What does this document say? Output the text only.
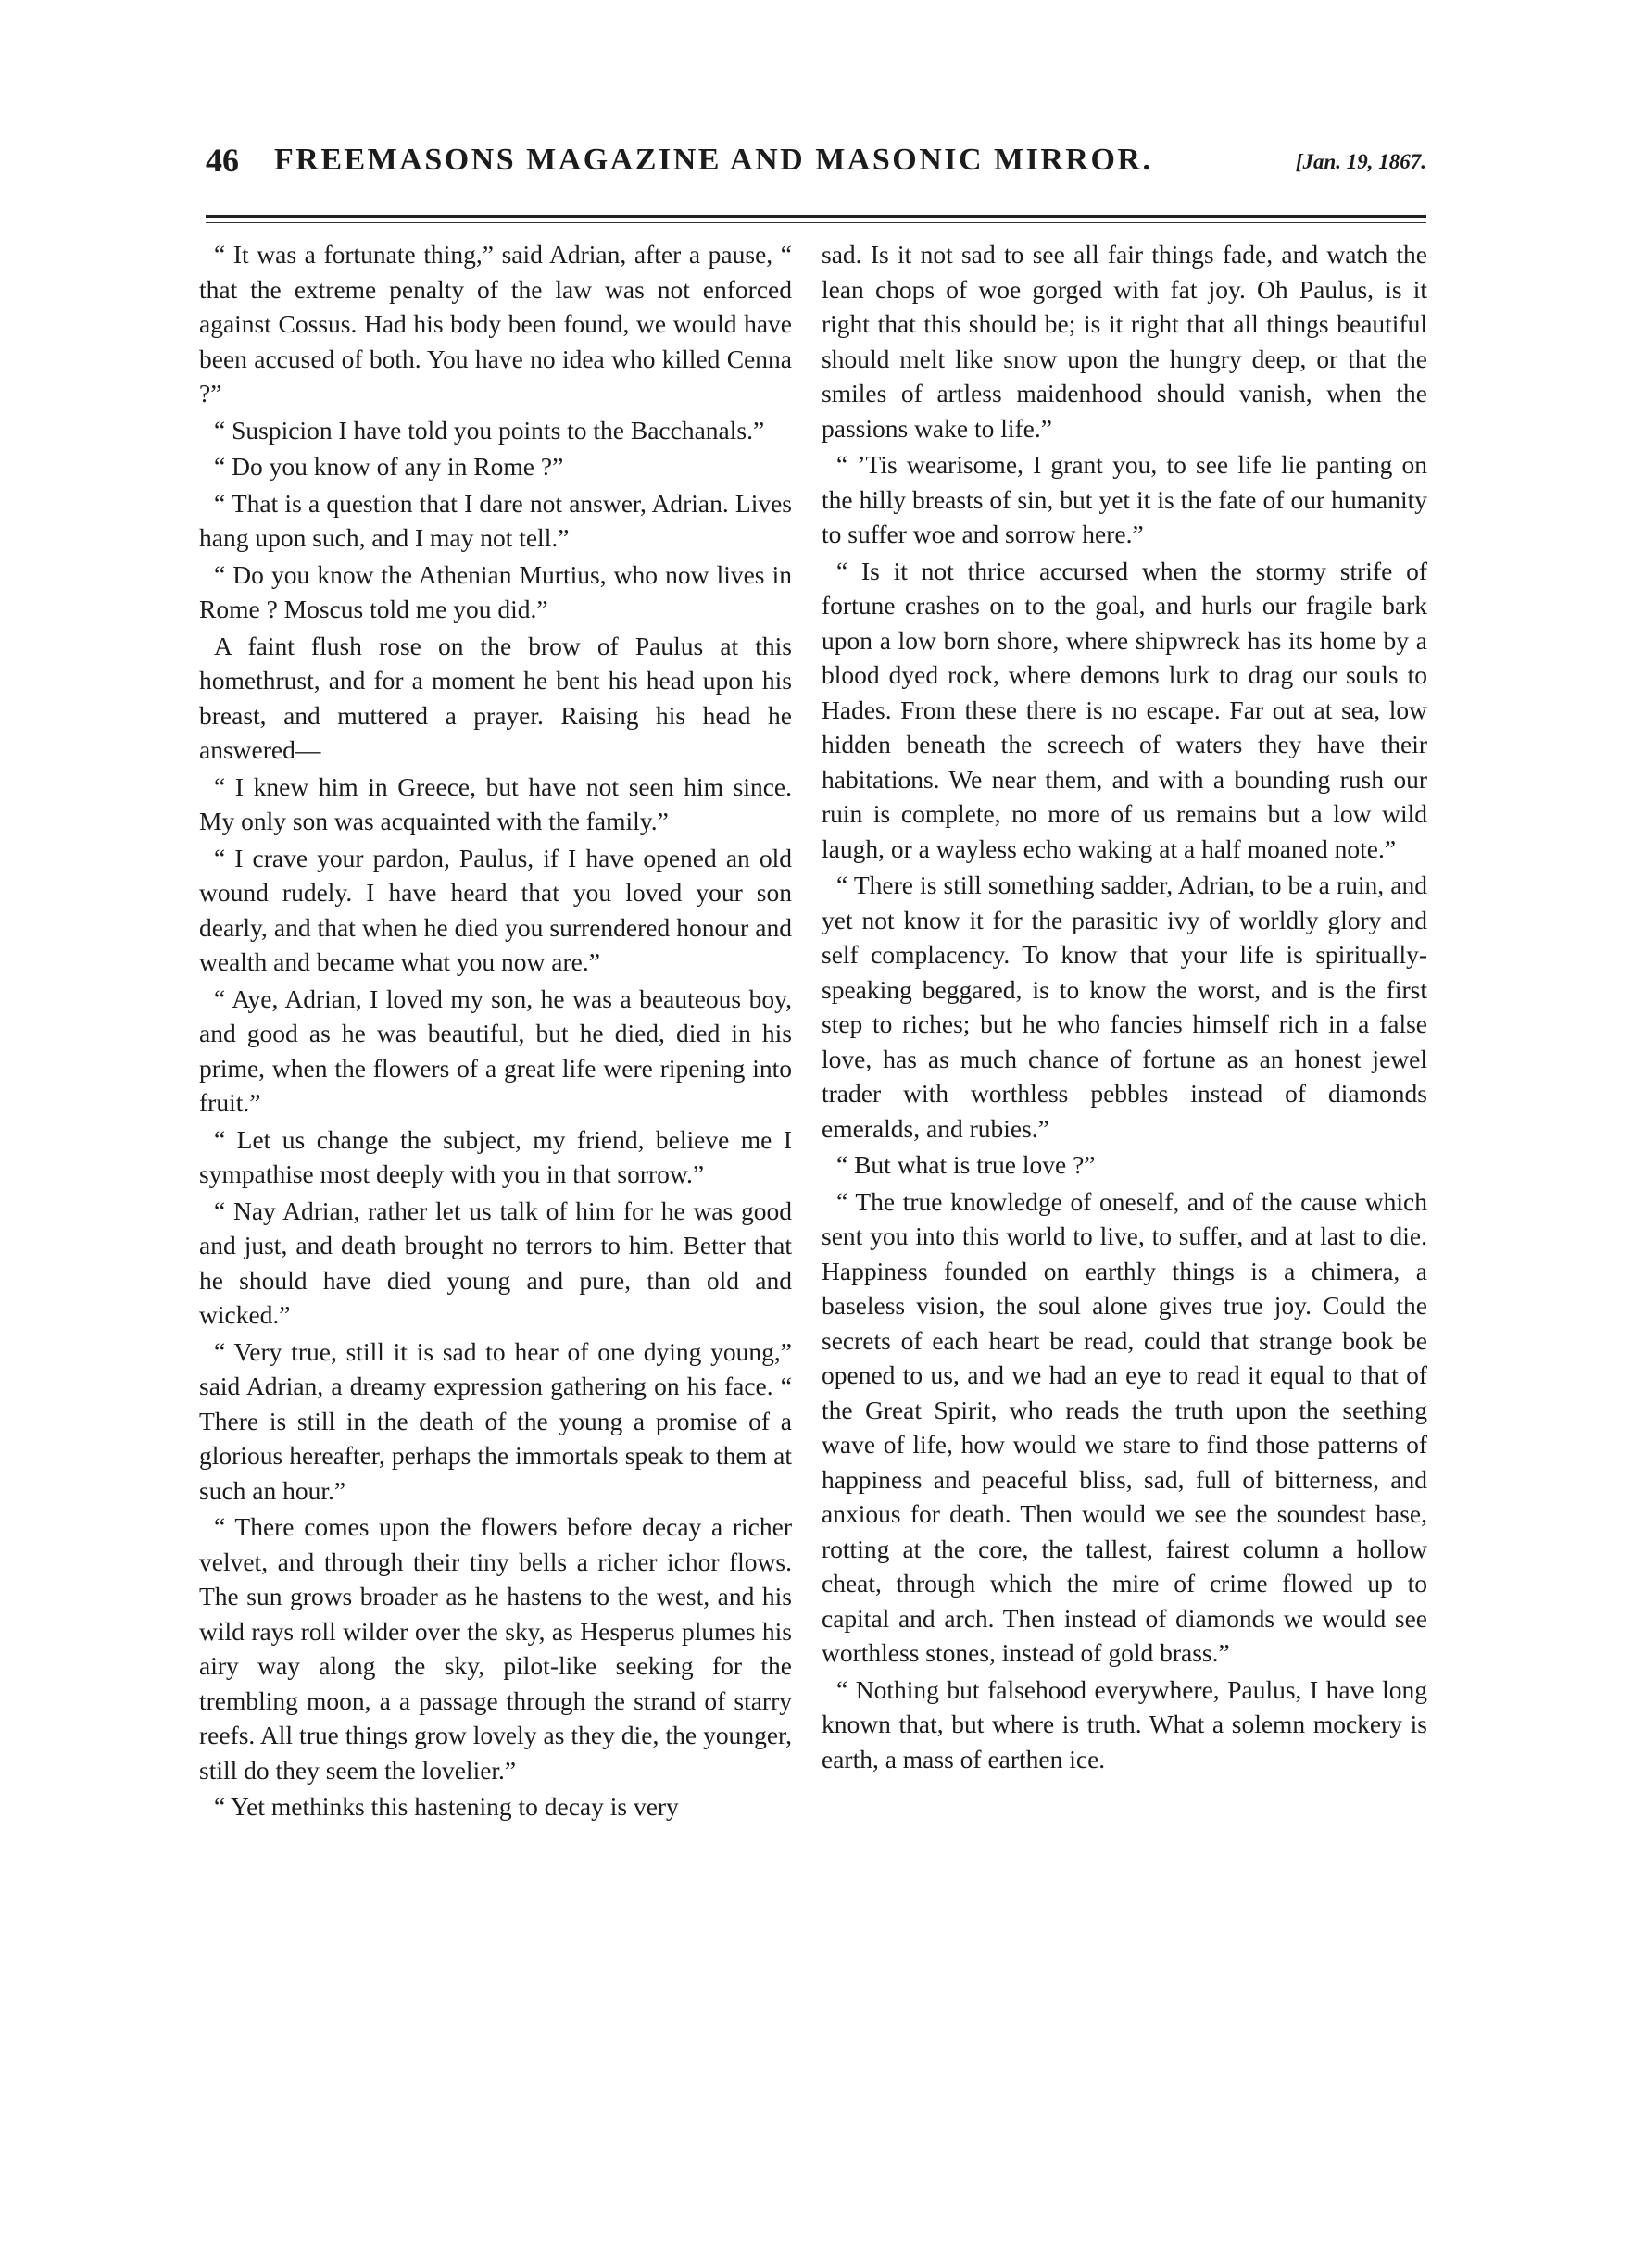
46 FREEMASONS MAGAZINE AND MASONIC MIRROR.	[Jan. 19, 1867.

“ It was a fortunate thing,” said Adrian, after a pause, “ that the extreme penalty of the law was not enforced against Cossus. Had his body been found, we would have been accused of both. You have no idea who killed Cenna ?”

“ Suspicion I have told you points to the Bacchanals.”

“ Do you know of any in Rome ?”

“ That is a question that I dare not answer, Adrian. Lives hang upon such, and I may not tell.”

“ Do you know the Athenian Murtius, who now lives in Rome ? Moscus told me you did.”

A faint flush rose on the brow of Paulus at this homethrust, and for a moment he bent his head upon his breast, and muttered a prayer. Raising his head he answered—

“ I knew him in Greece, but have not seen him since. My only son was acquainted with the family.”

“ I crave your pardon, Paulus, if I have opened an old wound rudely. I have heard that you loved your son dearly, and that when he died you surrendered honour and wealth and became what you now are.”

“ Aye, Adrian, I loved my son, he was a beauteous boy, and good as he was beautiful, but he died, died in his prime, when the flowers of a great life were ripening into fruit.”

“ Let us change the subject, my friend, believe me I sympathise most deeply with you in that sorrow.”

“ Nay Adrian, rather let us talk of him for he was good and just, and death brought no terrors to him. Better that he should have died young and pure, than old and wicked.”

“ Very true, still it is sad to hear of one dying young,” said Adrian, a dreamy expression gathering on his face. “ There is still in the death of the young a promise of a glorious hereafter, perhaps the immortals speak to them at such an hour.”

“ There comes upon the flowers before decay a richer velvet, and through their tiny bells a richer ichor flows. The sun grows broader as he hastens to the west, and his wild rays roll wilder over the sky, as Hesperus plumes his airy way along the sky, pilot-like seeking for the trembling moon, a a passage through the strand of starry reefs. All true things grow lovely as they die, the younger, still do they seem the lovelier.”

“ Yet methinks this hastening to decay is very

sad. Is it not sad to see all fair things fade, and watch the lean chops of woe gorged with fat joy. Oh Paulus, is it right that this should be; is it right that all things beautiful should melt like snow upon the hungry deep, or that the smiles of artless maidenhood should vanish, when the passions wake to life.”

“ ’Tis wearisome, I grant you, to see life lie panting on the hilly breasts of sin, but yet it is the fate of our humanity to suffer woe and sorrow here.”

“ Is it not thrice accursed when the stormy strife of fortune crashes on to the goal, and hurls our fragile bark upon a low born shore, where shipwreck has its home by a blood dyed rock, where demons lurk to drag our souls to Hades. From these there is no escape. Far out at sea, low hidden beneath the screech of waters they have their habitations. We near them, and with a bounding rush our ruin is complete, no more of us remains but a low wild laugh, or a wayless echo waking at a half moaned note.”

“ There is still something sadder, Adrian, to be a ruin, and yet not know it for the parasitic ivy of worldly glory and self complacency. To know that your life is spiritually-speaking beggared, is to know the worst, and is the first step to riches; but he who fancies himself rich in a false love, has as much chance of fortune as an honest jewel trader with worthless pebbles instead of diamonds emeralds, and rubies.”

“ But what is true love ?”

“ The true knowledge of oneself, and of the cause which sent you into this world to live, to suffer, and at last to die. Happiness founded on earthly things is a chimera, a baseless vision, the soul alone gives true joy. Could the secrets of each heart be read, could that strange book be opened to us, and we had an eye to read it equal to that of the Great Spirit, who reads the truth upon the seething wave of life, how would we stare to find those patterns of happiness and peaceful bliss, sad, full of bitterness, and anxious for death. Then would we see the soundest base, rotting at the core, the tallest, fairest column a hollow cheat, through which the mire of crime flowed up to capital and arch. Then instead of diamonds we would see worthless stones, instead of gold brass.”

“ Nothing but falsehood everywhere, Paulus, I have long known that, but where is truth. What a solemn mockery is earth, a mass of earthen ice.
